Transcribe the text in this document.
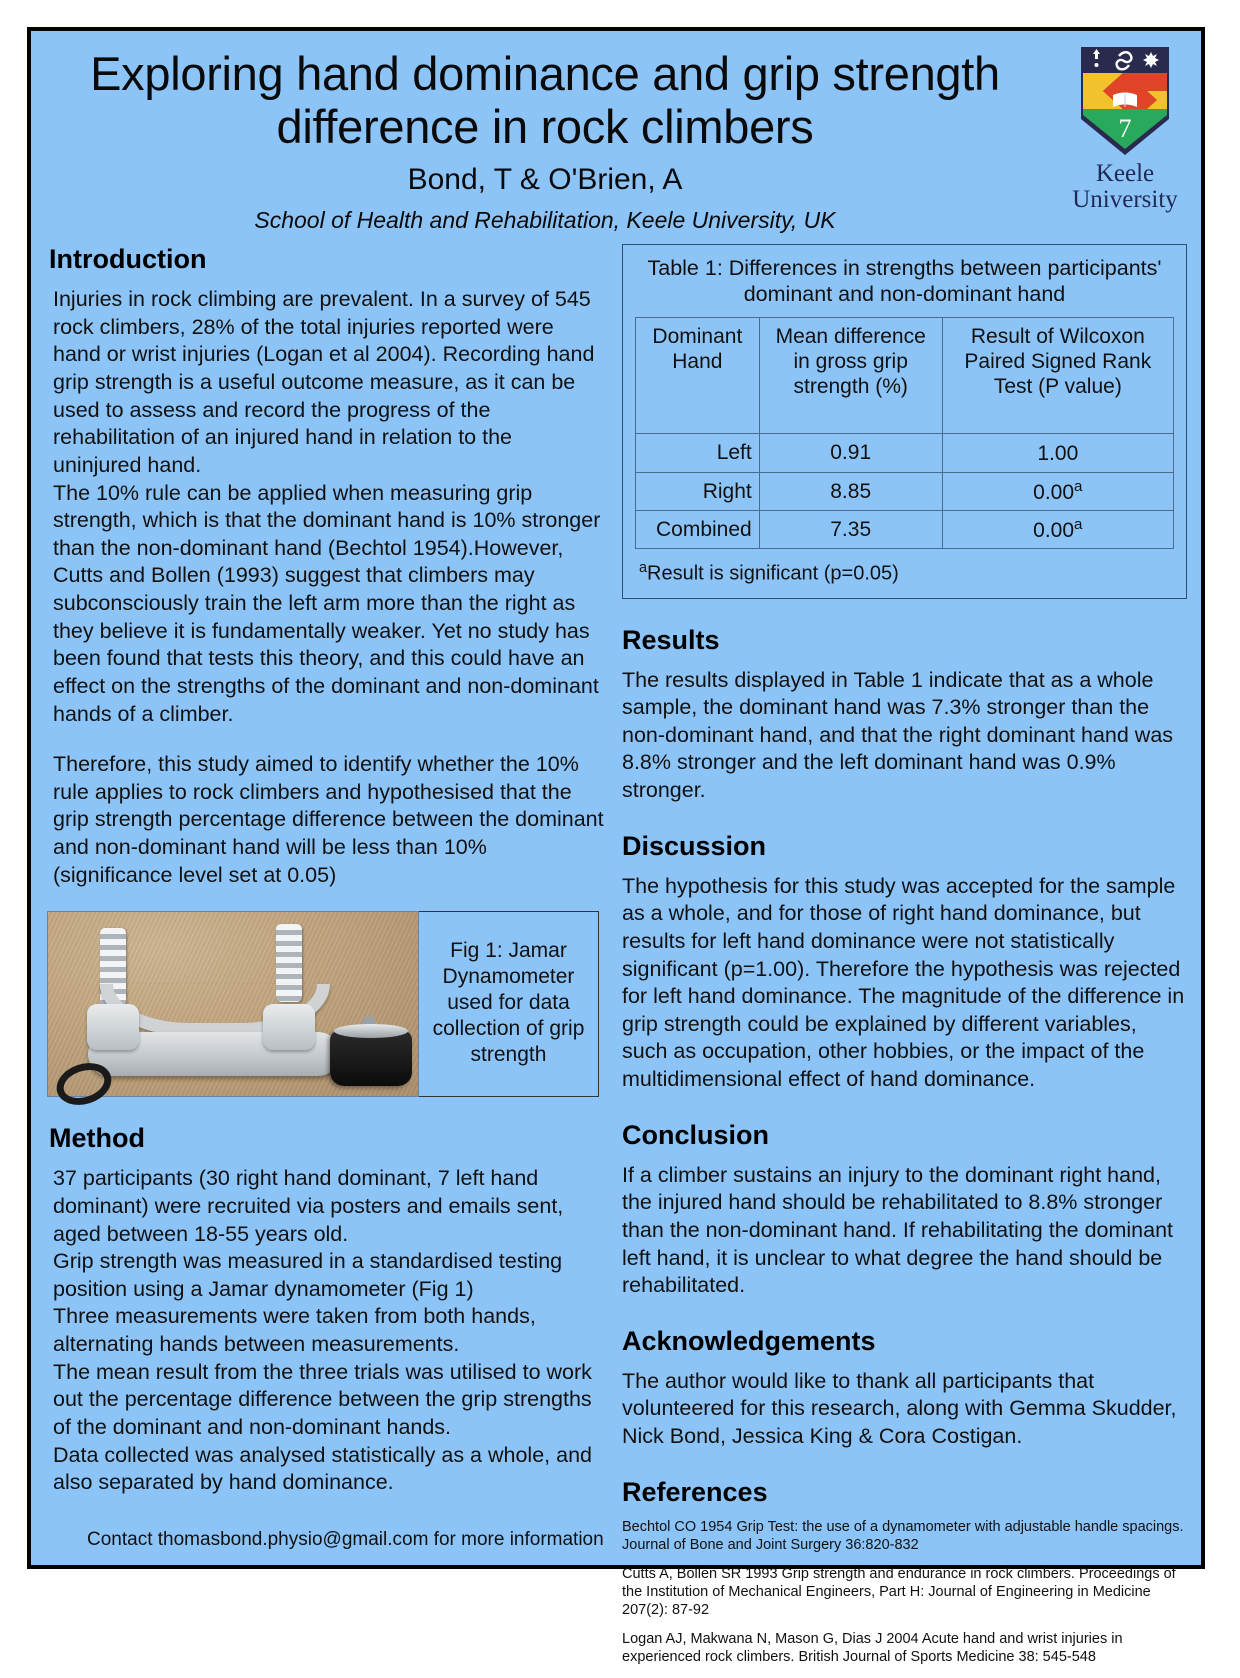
Exploring hand dominance and grip strength difference in rock climbers
Bond, T & O'Brien, A
School of Health and Rehabilitation, Keele University, UK
7
Keele
University
Introduction

Injuries in rock climbing are prevalent. In a survey of 545 rock climbers, 28% of the total injuries reported were hand or wrist injuries (Logan et al 2004). Recording hand grip strength is a useful outcome measure, as it can be used to assess and record the progress of the rehabilitation of an injured hand in relation to the uninjured hand.
The 10% rule can be applied when measuring grip strength, which is that the dominant hand is 10% stronger than the non-dominant hand (Bechtol 1954).However, Cutts and Bollen (1993) suggest that climbers may subconsciously train the left arm more than the right as they believe it is fundamentally weaker. Yet no study has been found that tests this theory, and this could have an effect on the strengths of the dominant and non-dominant hands of a climber.

Therefore, this study aimed to identify whether the 10% rule applies to rock climbers and hypothesised that the grip strength percentage difference between the dominant and non-dominant hand will be less than 10% (significance level set at 0.05)

Fig 1: Jamar Dynamometer used for data collection of grip strength
Method

37 participants (30 right hand dominant, 7 left hand dominant) were recruited via posters and emails sent, aged between 18-55 years old.
Grip strength was measured in a standardised testing position using a Jamar dynamometer (Fig 1)
Three measurements were taken from both hands, alternating hands between measurements.
The mean result from the three trials was utilised to work out the percentage difference between the grip strengths of the dominant and non-dominant hands.
Data collected was analysed statistically as a whole, and also separated by hand dominance.

Table 1: Differences in strengths between participants' dominant and non-dominant hand
Dominant Hand	Mean difference in gross grip strength (%)	Result of Wilcoxon Paired Signed Rank Test (P value)
Left	0.91	1.00
Right	8.85	0.00$^a$
Combined	7.35	0.00$^a$
$^a$Result is significant (p=0.05)
Results

The results displayed in Table 1 indicate that as a whole sample, the dominant hand was 7.3% stronger than the non-dominant hand, and that the right dominant hand was 8.8% stronger and the left dominant hand was 0.9% stronger.

Discussion

The hypothesis for this study was accepted for the sample as a whole, and for those of right hand dominance, but results for left hand dominance were not statistically significant (p=1.00). Therefore the hypothesis was rejected for left hand dominance. The magnitude of the difference in grip strength could be explained by different variables, such as occupation, other hobbies, or the impact of the multidimensional effect of hand dominance.

Conclusion

If a climber sustains an injury to the dominant right hand, the injured hand should be rehabilitated to 8.8% stronger than the non-dominant hand. If rehabilitating the dominant left hand, it is unclear to what degree the hand should be rehabilitated.

Acknowledgements

The author would like to thank all participants that volunteered for this research, along with Gemma Skudder, Nick Bond, Jessica King & Cora Costigan.

References

Bechtol CO 1954 Grip Test: the use of a dynamometer with adjustable handle spacings. Journal of Bone and Joint Surgery 36:820-832

Cutts A, Bollen SR 1993 Grip strength and endurance in rock climbers. Proceedings of the Institution of Mechanical Engineers, Part H: Journal of Engineering in Medicine 207(2): 87-92

Logan AJ, Makwana N, Mason G, Dias J 2004 Acute hand and wrist injuries in experienced rock climbers. British Journal of Sports Medicine 38: 545-548

Contact thomasbond.physio@gmail.com for more information
